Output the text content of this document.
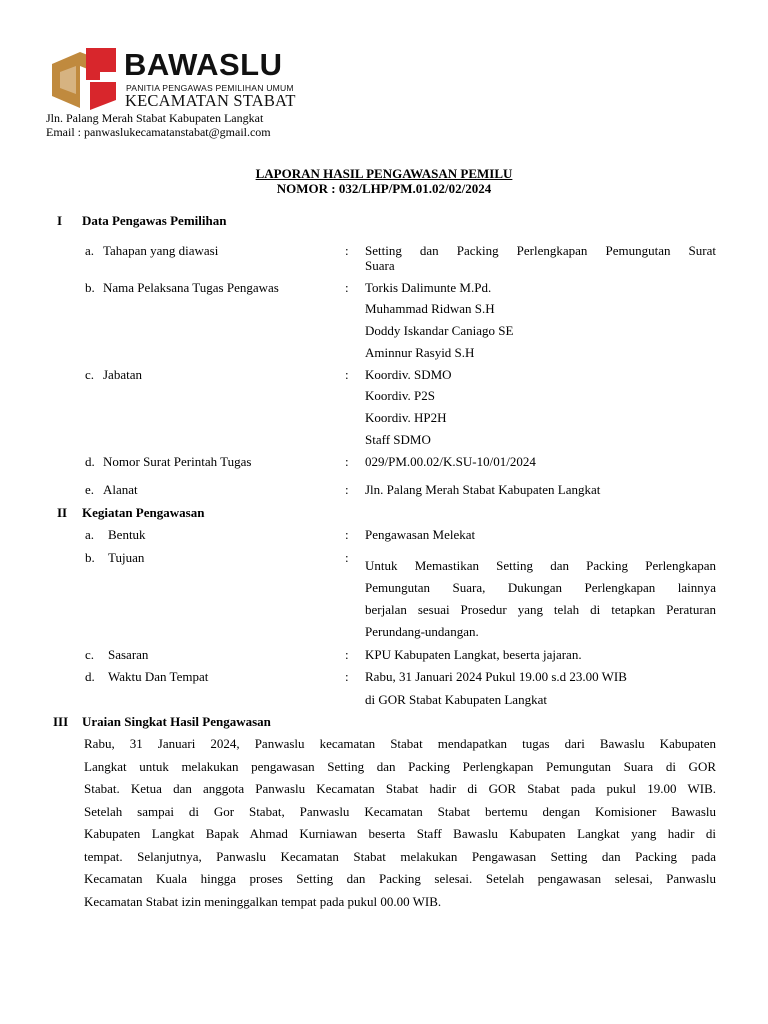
BAWASLU
PANITIA PENGAWAS PEMILIHAN UMUM
KECAMATAN STABAT
Jln. Palang Merah Stabat Kabupaten Langkat
Email : panwaslukecamatanstabat@gmail.com
LAPORAN HASIL PENGAWASAN PEMILU
NOMOR : 032/LHP/PM.01.02/02/2024
I Data Pengawas Pemilihan
a. Tahapan yang diawasi	: Setting dan Packing Perlengkapan Pemungutan Surat
Suara
b. Nama Pelaksana Tugas Pengawas	: Torkis Dalimunte M.Pd.
Muhammad Ridwan S.H
Doddy Iskandar Caniago SE
Aminnur Rasyid S.H
c. Jabatan	: Koordiv. SDMO
Koordiv. P2S
Koordiv. HP2H
Staff SDMO
d. Nomor Surat Perintah Tugas	: 029/PM.00.02/K.SU-10/01/2024
e. Alanat	: Jln. Palang Merah Stabat Kabupaten Langkat
II Kegiatan Pengawasan
a. Bentuk	: Pengawasan Melekat
b. Tujuan	:
Untuk Memastikan Setting dan Packing Perlengkapan
Pemungutan Suara, Dukungan Perlengkapan lainnya
berjalan sesuai Prosedur yang telah di tetapkan Peraturan
Perundang-undangan.
c. Sasaran	: KPU Kabupaten Langkat, beserta jajaran.
d. Waktu Dan Tempat	: Rabu, 31 Januari 2024 Pukul 19.00 s.d 23.00 WIB
di GOR Stabat Kabupaten Langkat
III Uraian Singkat Hasil Pengawasan
Rabu, 31 Januari 2024, Panwaslu kecamatan Stabat mendapatkan tugas dari Bawaslu Kabupaten
Langkat untuk melakukan pengawasan Setting dan Packing Perlengkapan Pemungutan Suara di GOR
Stabat. Ketua dan anggota Panwaslu Kecamatan Stabat hadir di GOR Stabat pada pukul 19.00 WIB.
Setelah sampai di Gor Stabat, Panwaslu Kecamatan Stabat bertemu dengan Komisioner Bawaslu
Kabupaten Langkat Bapak Ahmad Kurniawan beserta Staff Bawaslu Kabupaten Langkat yang hadir di
tempat. Selanjutnya, Panwaslu Kecamatan Stabat melakukan Pengawasan Setting dan Packing pada
Kecamatan Kuala hingga proses Setting dan Packing selesai. Setelah pengawasan selesai, Panwaslu
Kecamatan Stabat izin meninggalkan tempat pada pukul 00.00 WIB.
